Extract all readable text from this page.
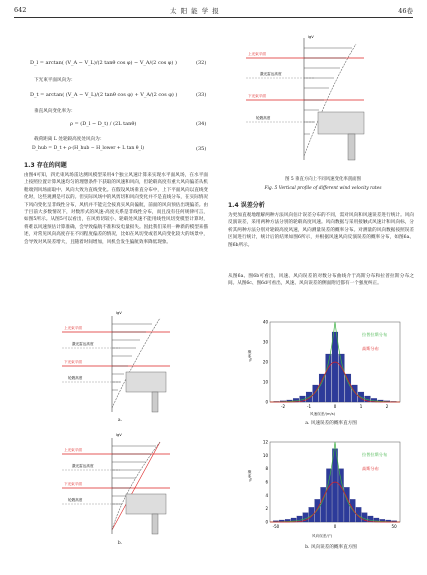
642	太 阳 能 学 报	46卷
D_l = arctan( (V_A − V_L)/(2 tanθ cos φ) − V_A/(2 cos φ) )	(32)
下光束平面风向为：
D_t = arctan( (V_A − V_L)/(2 tanθ cos φ) + V_A/(2 cos φ) )	(33)
垂直风向变化率为：
ρ = (D_l − D_t) / (2L tanθ)	(34)
载荷距离 L 处轮毂高度处风向为：
D_hub = D_t + ρ·(H_hub − H_lower + L tan θ_l)	(35)
1.3 存在的问题

由图4可知，四光束风场雷达测风模型采用4个独立风速计算来实现水平面风场，在水平面上按照位置计算风速均匀的理想条件下获取的风速和风向，但轮毂高度有重大风向偏差从机舱端到风场面取中、风向大致为直线变化。在假设风场垂直分布中，上下平面风向以直线变化时，这些观测是可以的。但实际风场中的风剪切和风向变化并不是直线分布，在实际情况下风向变化呈非线性分布，风机并不能完全按真实风向偏航，前面的风向预估出现偏差。由于目前大多数情况下，对数形式的风速-高度关系是非线性分布，而且没有任何规律可言，如图5所示。从图5可以看出，在风剪切较小、轮毂处风速不能用线性风切变模型计算时，将难以风速预估计算准确，会导致偏航不准和发电量损失。因此我们采用一种新的模型来描述，对常见风向高度存在不同程度偏差的情况，比如在风切变或者风向变化较大的场景中，会导致对风误差增大，且随着时间增加，风机会发生偏航效率降低现象。

lgV
上光束平面
激光雷达高度
下光束平面
轮毂高度
a.
lgV
上光束平面
激光雷达高度
下光束平面
轮毂高度
b.
lgV
上光束平面
激光雷达高度
下光束平面
轮毂高度
图 5 垂直方向上不同风速变化率剖面图
Fig. 5 Vertical profile of different wind velocity rates
1.4 误差分析

为更加直观地理解两种方法风向估计误差分布的不同，需对风向和风速误差进行统计。风向反演误差，采用两种方法分别的轮毂高度风速。风向数据与采用接触式风速计和风向标，分析其两种方法分别对轮毂高度风速，风向测量误差的概率分布。对测量的风向数据按照误差区间进行统计，统计后的结果如图6所示，并根据风速风向反演误差的概率分布，如图6a、图6b所示。

从图6a、图6b可看出，风速、风向误差的对数分布曲线介于高斯分布和拉普拉斯分布之间。从图6c、图6d可看出，风速、风向误差的侧面附近都有一个强度纠正。

-2	-1	0	1	2
0
10
20
30
40
拉普拉斯分布
高斯分布
概率/%
风速误差/(m/s)
a. 风速误差的概率直方图
-50	0	50
0
2
4
6
8
10
12
拉普拉斯分布
高斯分布
概率/%
风向误差/(°)
b. 风向误差的概率直方图
